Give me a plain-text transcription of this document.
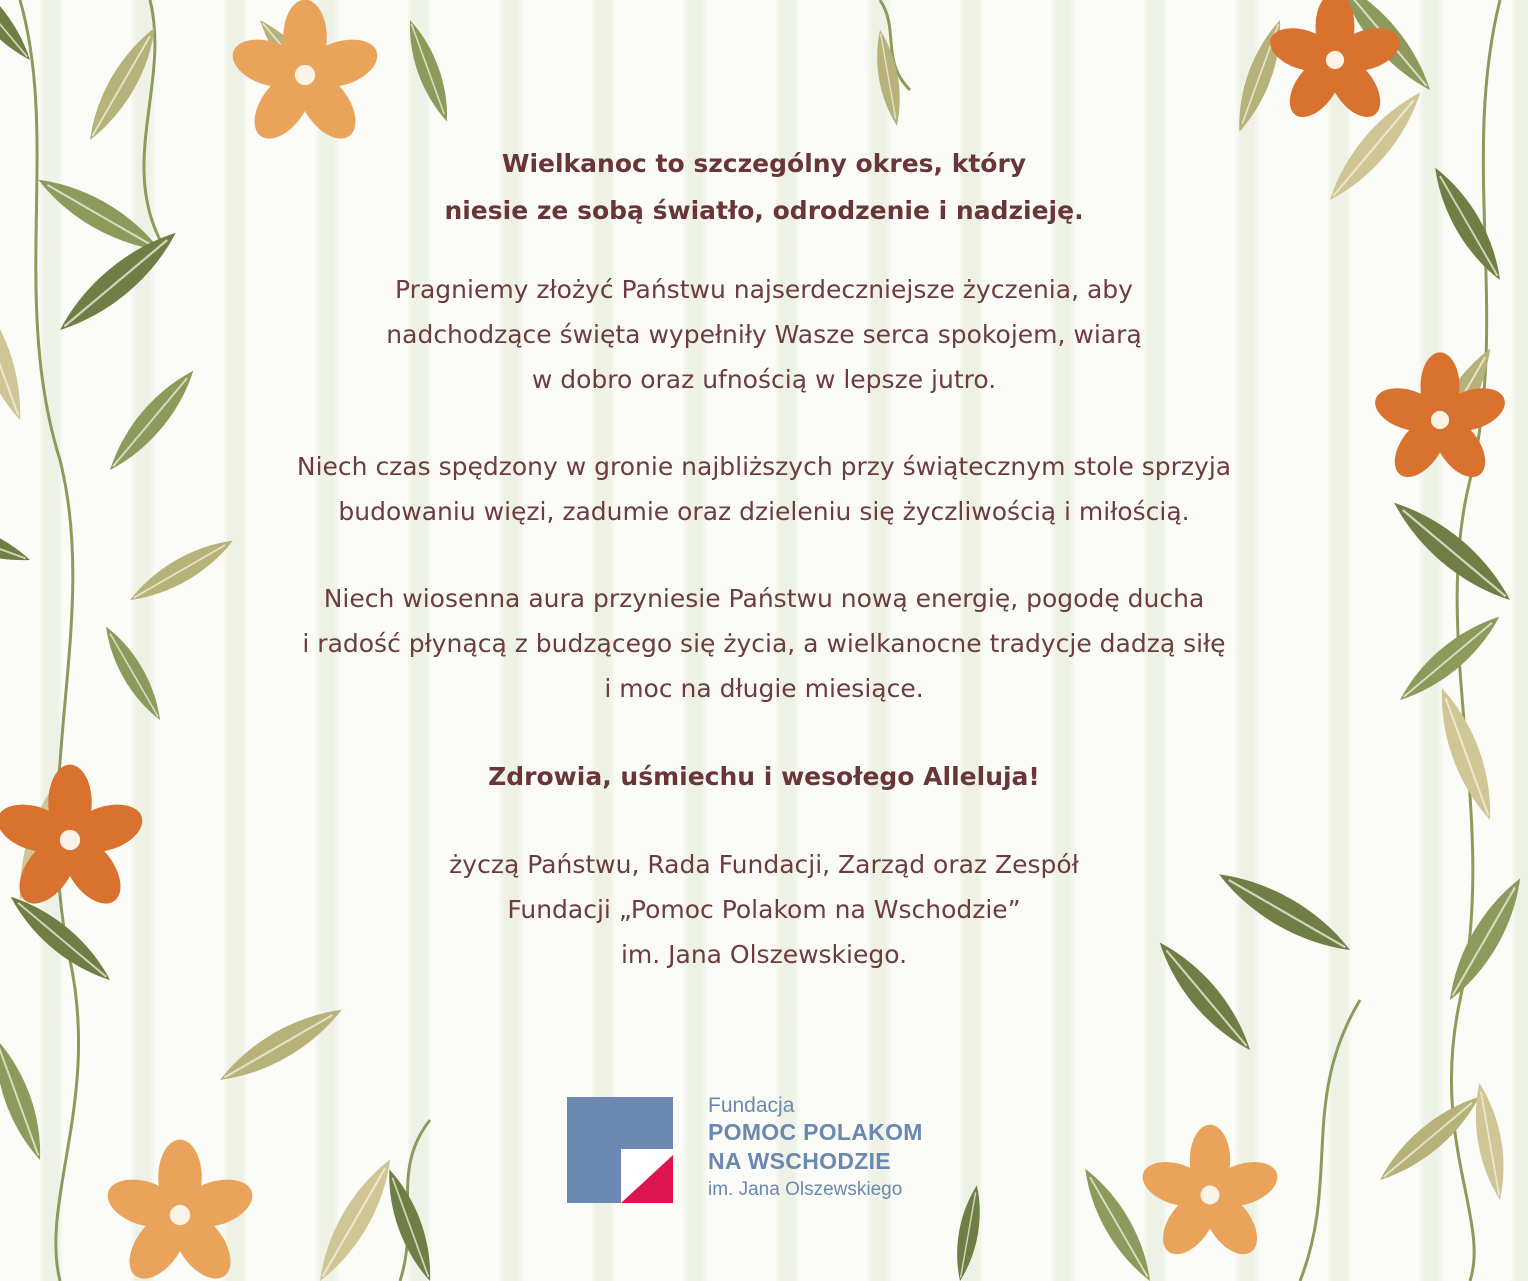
Wielkanoc to szczególny okres, który
niesie ze sobą światło, odrodzenie i nadzieję.

Pragniemy złożyć Państwu najserdeczniejsze życzenia, aby
nadchodzące święta wypełniły Wasze serca spokojem, wiarą
w dobro oraz ufnością w lepsze jutro.

Niech czas spędzony w gronie najbliższych przy świątecznym stole sprzyja
budowaniu więzi, zadumie oraz dzieleniu się życzliwością i miłością.

Niech wiosenna aura przyniesie Państwu nową energię, pogodę ducha
i radość płynącą z budzącego się życia, a wielkanocne tradycje dadzą siłę
i moc na długie miesiące.

Zdrowia, uśmiechu i wesołego Alleluja!

życzą Państwu, Rada Fundacji, Zarząd oraz Zespół
Fundacji „Pomoc Polakom na Wschodzie”
im. Jana Olszewskiego.

Fundacja
POMOC POLAKOM
NA WSCHODZIE
im. Jana Olszewskiego
